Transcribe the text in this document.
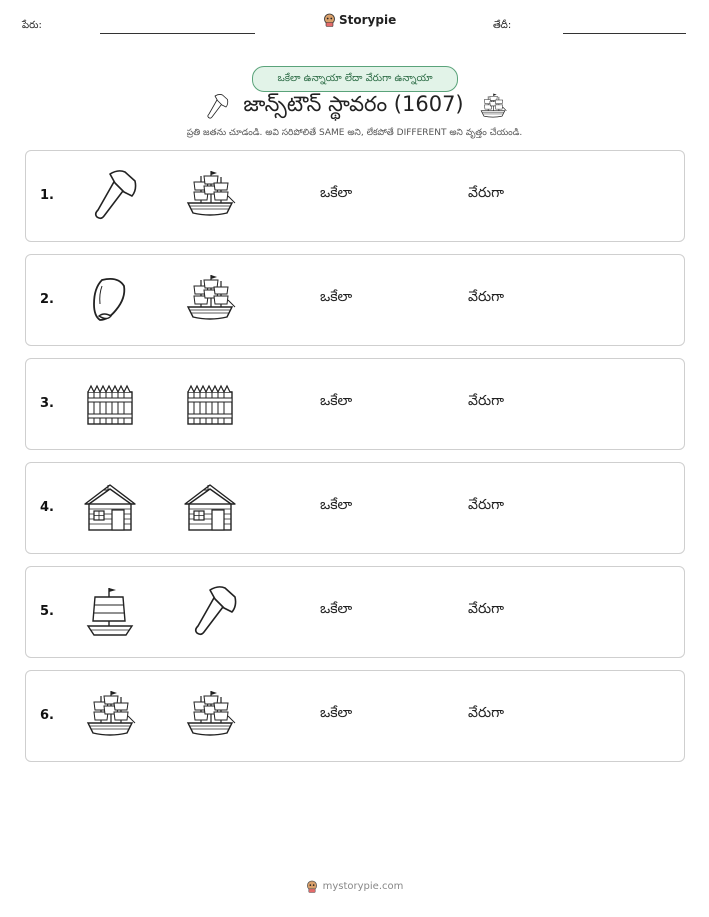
పేరు:	Storypie	తేదీ:
ఒకేలా ఉన్నాయా లేదా వేరుగా ఉన్నాయా
జాన్స్‌టౌన్ స్థావరం (1607)
ప్రతి జతను చూడండి. అవి సరిపోలితే SAME అని, లేకపోతే DIFFERENT అని వృత్తం చేయండి.
1.	ఒకేలా	వేరుగా
2.	ఒకేలా	వేరుగా
3.	ఒకేలా	వేరుగా
4.	ఒకేలా	వేరుగా
5.	ఒకేలా	వేరుగా
6.	ఒకేలా	వేరుగా
mystorypie.com
